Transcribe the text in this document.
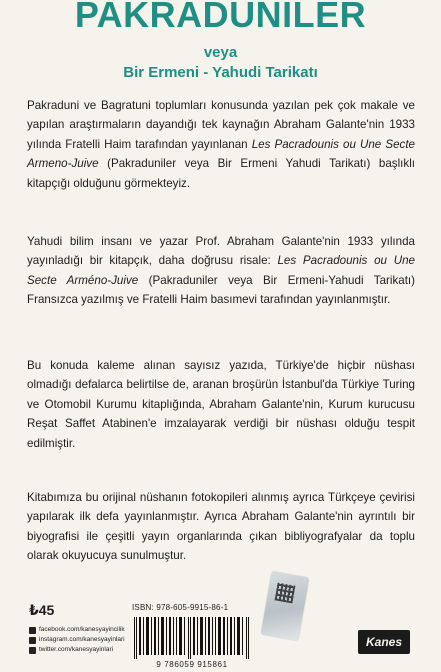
PAKRADUNILER
veya
Bir Ermeni - Yahudi Tarikatı

Pakraduni ve Bagratuni toplumları konusunda yazılan pek çok makale ve yapılan araştırmaların dayandığı tek kaynağın Abraham Galante'nin 1933 yılında Fratelli Haim tarafından yayınlanan Les Pacradounis ou Une Secte Armeno-Juive (Pakraduniler veya Bir Ermeni Yahudi Tarikatı) başlıklı kitapçığı olduğunu görmekteyiz.

Yahudi bilim insanı ve yazar Prof. Abraham Galante'nin 1933 yılında yayınladığı bir kitapçık, daha doğrusu risale: Les Pacradounis ou Une Secte Arméno-Juive (Pakraduniler veya Bir Ermeni-Yahudi Tarikatı) Fransızca yazılmış ve Fratelli Haim basımevi tarafından yayınlanmıştır.

Bu konuda kaleme alınan sayısız yazıda, Türkiye'de hiçbir nüshası olmadığı defalarca belirtilse de, aranan broşürün İstanbul'da Türkiye Turing ve Otomobil Kurumu kitaplığında, Abraham Galante'nin, Kurum kurucusu Reşat Saffet Atabinen'e imzalayarak verdiği bir nüshası olduğu tespit edilmiştir.

Kitabımıza bu orijinal nüshanın fotokopileri alınmış ayrıca Türkçeye çevirisi yapılarak ilk defa yayınlanmıştır. Ayrıca Abraham Galante'nin ayrıntılı bir biyografisi ile çeşitli yayın organlarında çıkan bibliyografyalar da toplu olarak okuyucuya sunulmuştur.

₺45
facebook.com/kanesyayincilik
instagram.com/kanesyayinlari
twitter.com/kanesyayinlari
ISBN: 978-605-9915-86-1
9 786059 915861
Kanes
